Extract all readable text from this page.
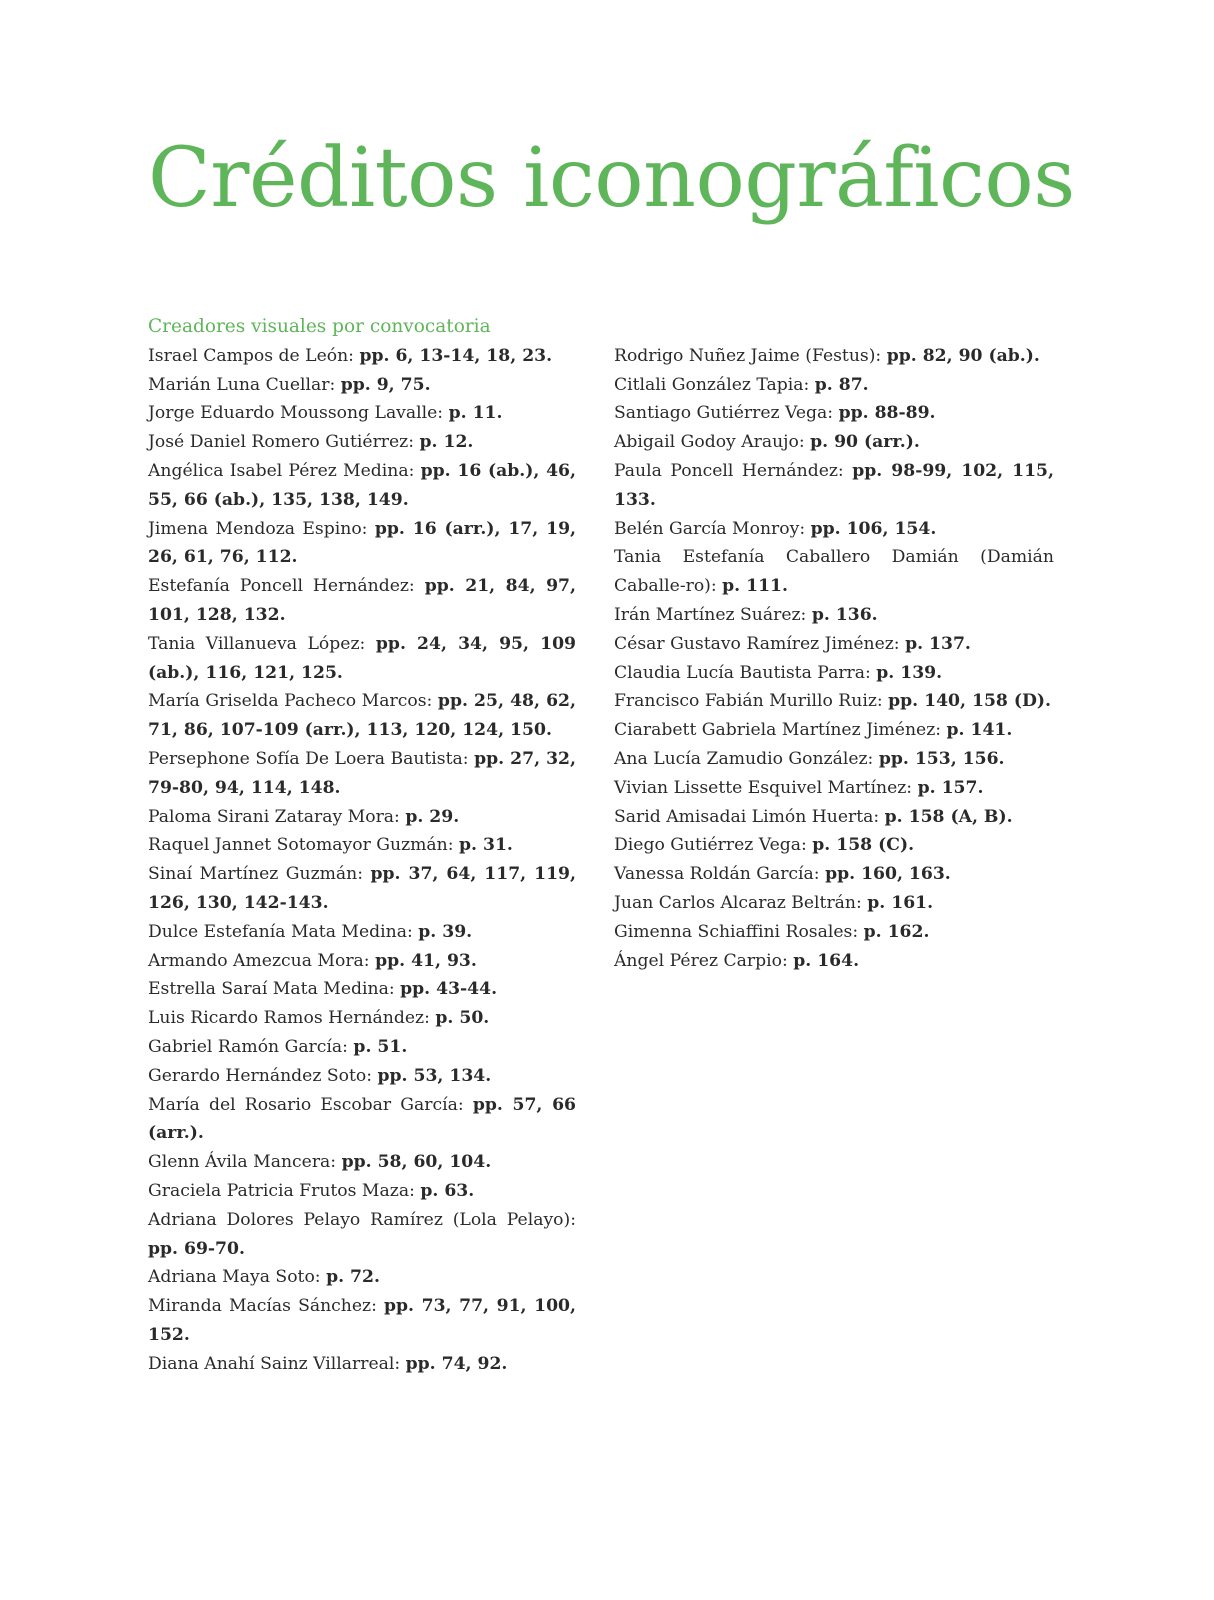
Créditos iconográficos
Creadores visuales por convocatoria

Israel Campos de León: pp. 6, 13-14, 18, 23.

Marián Luna Cuellar: pp. 9, 75.

Jorge Eduardo Moussong Lavalle: p. 11.

José Daniel Romero Gutiérrez: p. 12.

Angélica Isabel Pérez Medina: pp. 16 (ab.), 46, 55, 66 (ab.), 135, 138, 149.

Jimena Mendoza Espino: pp. 16 (arr.), 17, 19, 26, 61, 76, 112.

Estefanía Poncell Hernández: pp. 21, 84, 97, 101, 128, 132.

Tania Villanueva López: pp. 24, 34, 95, 109 (ab.), 116, 121, 125.

María Griselda Pacheco Marcos: pp. 25, 48, 62, 71, 86, 107-109 (arr.), 113, 120, 124, 150.

Persephone Sofía De Loera Bautista: pp. 27, 32, 79-80, 94, 114, 148.

Paloma Sirani Zataray Mora: p. 29.

Raquel Jannet Sotomayor Guzmán: p. 31.

Sinaí Martínez Guzmán: pp. 37, 64, 117, 119, 126, 130, 142-143.

Dulce Estefanía Mata Medina: p. 39.

Armando Amezcua Mora: pp. 41, 93.

Estrella Saraí Mata Medina: pp. 43-44.

Luis Ricardo Ramos Hernández: p. 50.

Gabriel Ramón García: p. 51.

Gerardo Hernández Soto: pp. 53, 134.

María del Rosario Escobar García: pp. 57, 66 (arr.).

Glenn Ávila Mancera: pp. 58, 60, 104.

Graciela Patricia Frutos Maza: p. 63.

Adriana Dolores Pelayo Ramírez (Lola Pelayo): pp. 69-70.

Adriana Maya Soto: p. 72.

Miranda Macías Sánchez: pp. 73, 77, 91, 100, 152.

Diana Anahí Sainz Villarreal: pp. 74, 92.

Rodrigo Nuñez Jaime (Festus): pp. 82, 90 (ab.).

Citlali González Tapia: p. 87.

Santiago Gutiérrez Vega: pp. 88-89.

Abigail Godoy Araujo: p. 90 (arr.).

Paula Poncell Hernández: pp. 98-99, 102, 115, 133.

Belén García Monroy: pp. 106, 154.

Tania Estefanía Caballero Damián (Damián Caballe-ro): p. 111.

Irán Martínez Suárez: p. 136.

César Gustavo Ramírez Jiménez: p. 137.

Claudia Lucía Bautista Parra: p. 139.

Francisco Fabián Murillo Ruiz: pp. 140, 158 (D).

Ciarabett Gabriela Martínez Jiménez: p. 141.

Ana Lucía Zamudio González: pp. 153, 156.

Vivian Lissette Esquivel Martínez: p. 157.

Sarid Amisadai Limón Huerta: p. 158 (A, B).

Diego Gutiérrez Vega: p. 158 (C).

Vanessa Roldán García: pp. 160, 163.

Juan Carlos Alcaraz Beltrán: p. 161.

Gimenna Schiaffini Rosales: p. 162.

Ángel Pérez Carpio: p. 164.
